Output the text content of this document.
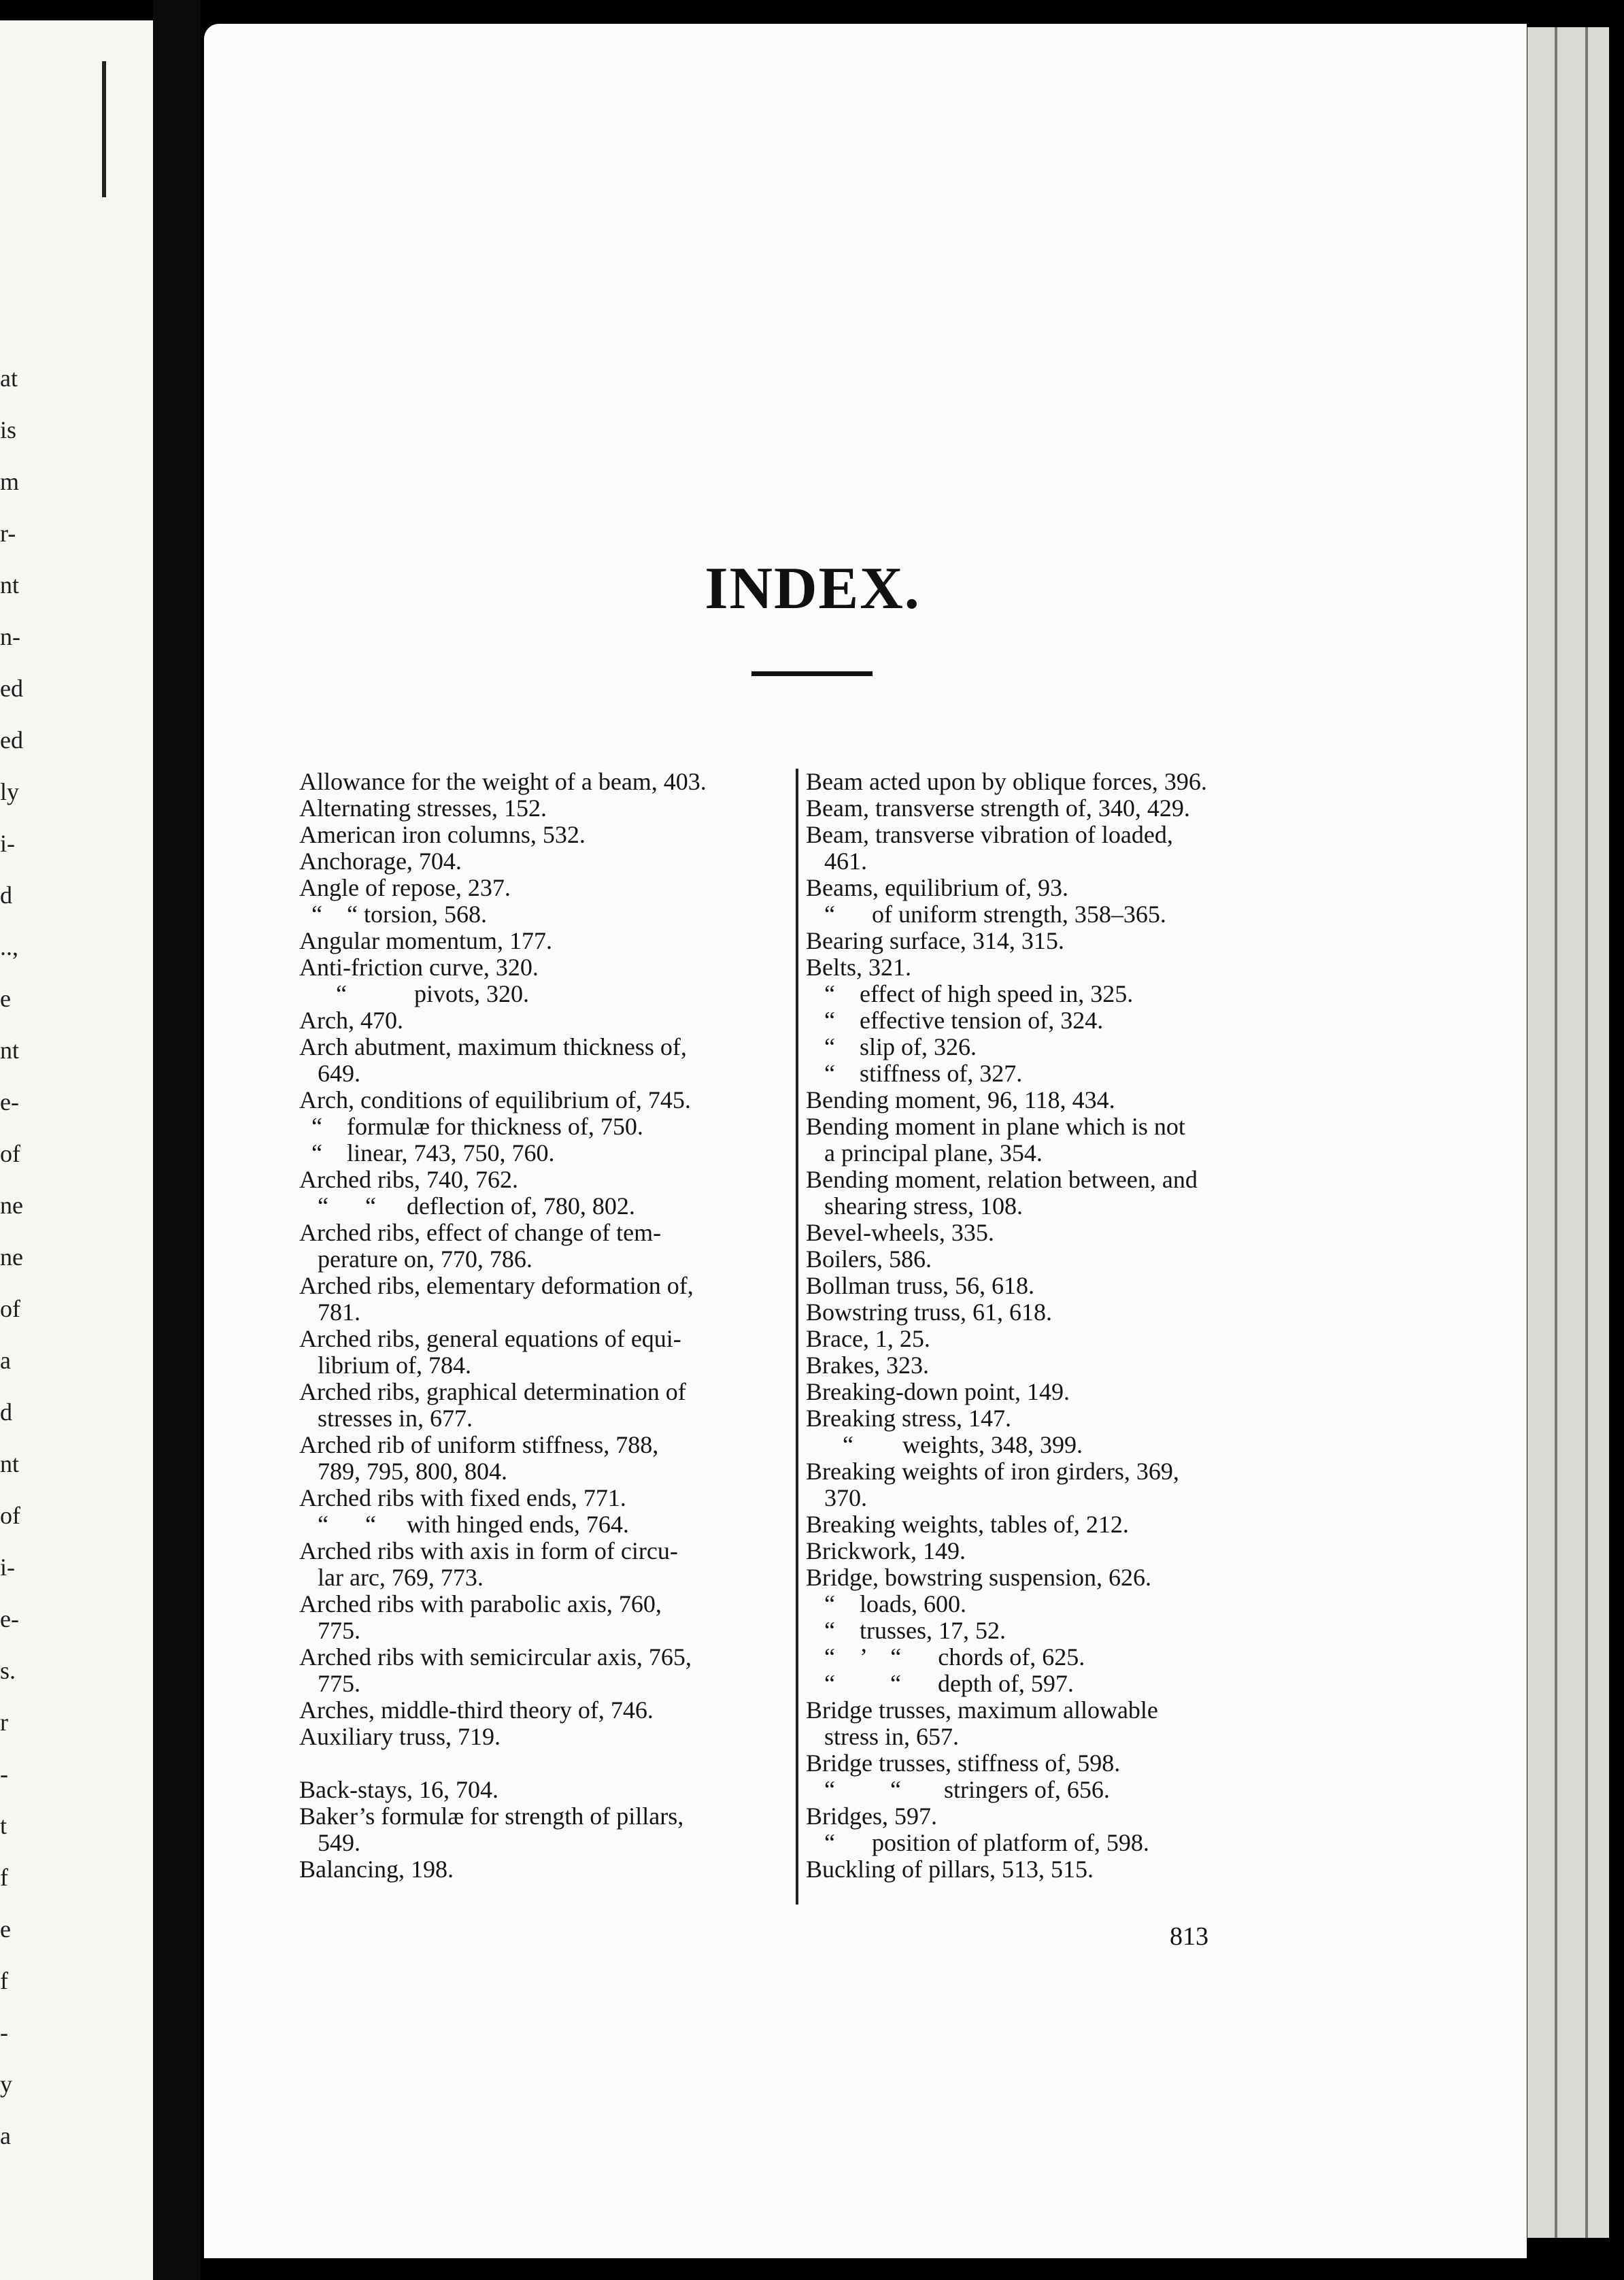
at
is
m
r-
nt
n-
ed
ed
ly
i-
d
..,
e
nt
e-
of
ne
ne
of
a
d
nt
of
i-
e-
s.
r
-
t
f
e
f
-
y
a
INDEX.
Allowance for the weight of a beam, 403.
Alternating stresses, 152.
American iron columns, 532.
Anchorage, 704.
Angle of repose, 237.
“    “ torsion, 568.
Angular momentum, 177.
Anti-friction curve, 320.
“           pivots, 320.
Arch, 470.
Arch abutment, maximum thickness of,
649.
Arch, conditions of equilibrium of, 745.
“    formulæ for thickness of, 750.
“    linear, 743, 750, 760.
Arched ribs, 740, 762.
“      “     deflection of, 780, 802.
Arched ribs, effect of change of tem-
perature on, 770, 786.
Arched ribs, elementary deformation of,
781.
Arched ribs, general equations of equi-
librium of, 784.
Arched ribs, graphical determination of
stresses in, 677.
Arched rib of uniform stiffness, 788,
789, 795, 800, 804.
Arched ribs with fixed ends, 771.
“      “     with hinged ends, 764.
Arched ribs with axis in form of circu-
lar arc, 769, 773.
Arched ribs with parabolic axis, 760,
775.
Arched ribs with semicircular axis, 765,
775.
Arches, middle-third theory of, 746.
Auxiliary truss, 719.
Back-stays, 16, 704.
Baker’s formulæ for strength of pillars,
549.
Balancing, 198.
Beam acted upon by oblique forces, 396.
Beam, transverse strength of, 340, 429.
Beam, transverse vibration of loaded,
461.
Beams, equilibrium of, 93.
“      of uniform strength, 358–365.
Bearing surface, 314, 315.
Belts, 321.
“    effect of high speed in, 325.
“    effective tension of, 324.
“    slip of, 326.
“    stiffness of, 327.
Bending moment, 96, 118, 434.
Bending moment in plane which is not
a principal plane, 354.
Bending moment, relation between, and
shearing stress, 108.
Bevel-wheels, 335.
Boilers, 586.
Bollman truss, 56, 618.
Bowstring truss, 61, 618.
Brace, 1, 25.
Brakes, 323.
Breaking-down point, 149.
Breaking stress, 147.
“        weights, 348, 399.
Breaking weights of iron girders, 369,
370.
Breaking weights, tables of, 212.
Brickwork, 149.
Bridge, bowstring suspension, 626.
“    loads, 600.
“    trusses, 17, 52.
“    ’    “      chords of, 625.
“         “      depth of, 597.
Bridge trusses, maximum allowable
stress in, 657.
Bridge trusses, stiffness of, 598.
“         “       stringers of, 656.
Bridges, 597.
“      position of platform of, 598.
Buckling of pillars, 513, 515.
813
